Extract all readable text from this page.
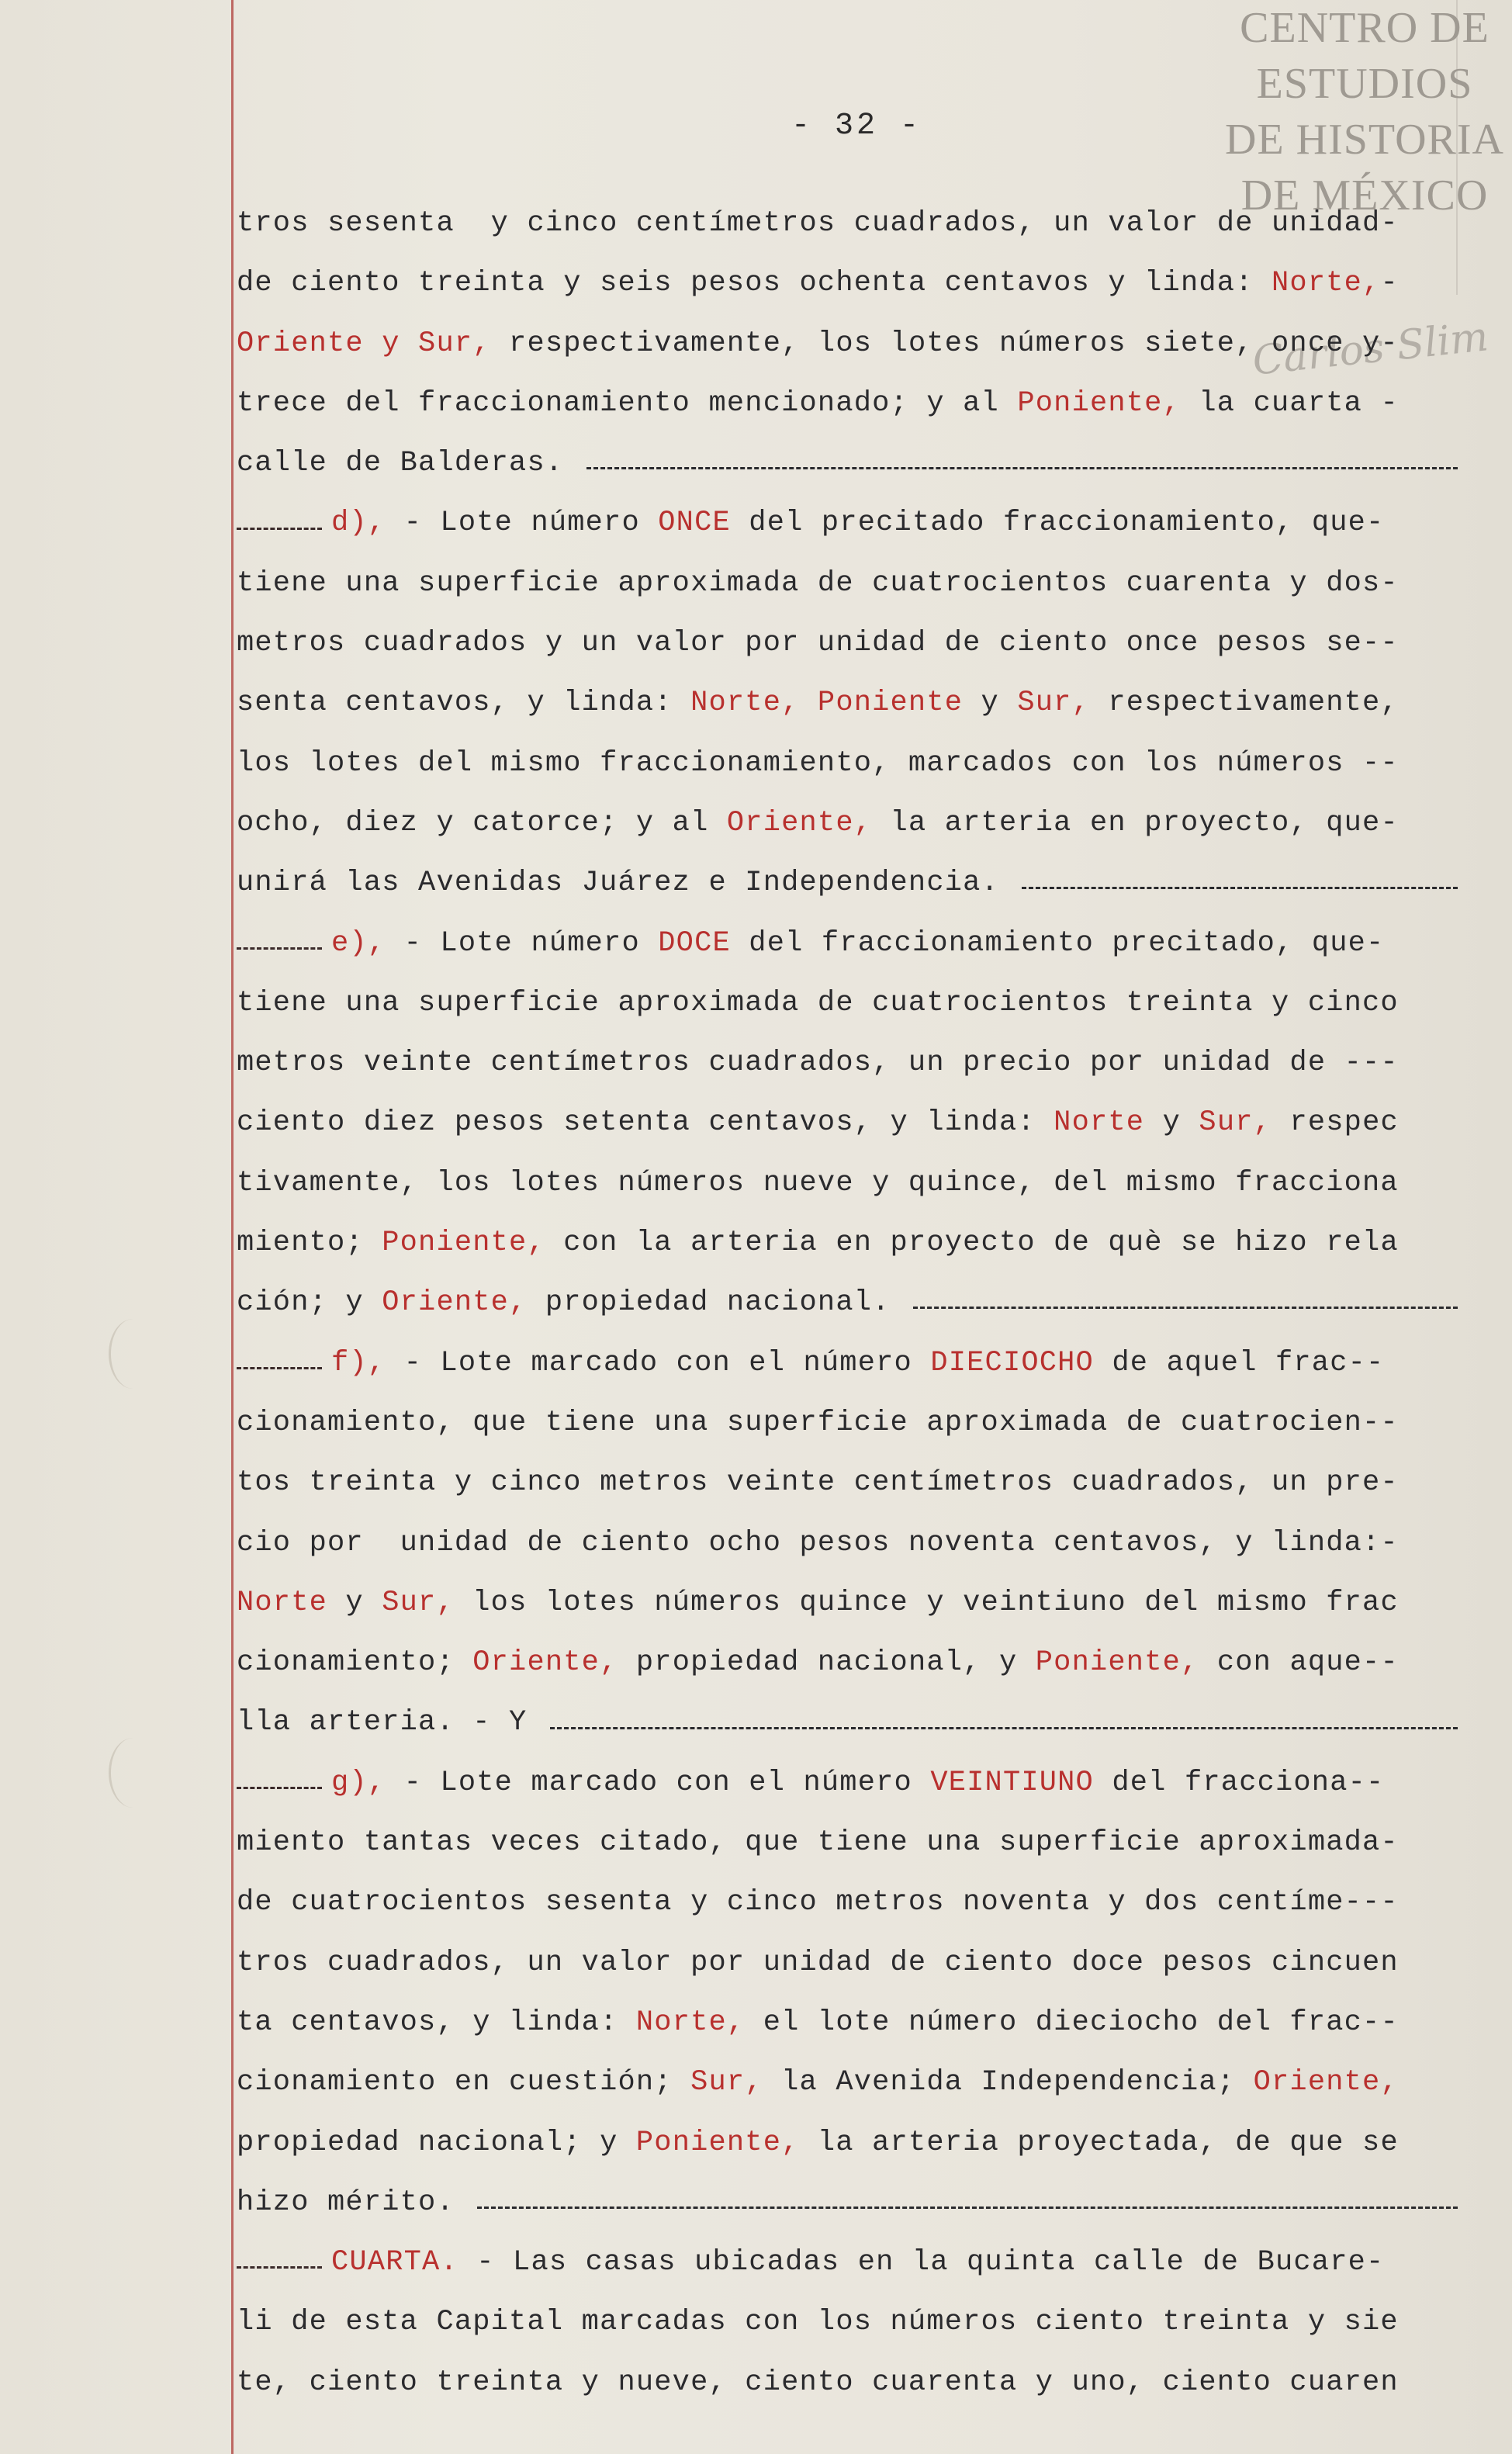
CENTRO DE
ESTUDIOS
DE HISTORIA
DE MÉXICO
Carlos Slim
- 32 -
tros sesenta  y cinco centímetros cuadrados, un valor de unidad-
de ciento treinta y seis pesos ochenta centavos y linda: Norte, -
Oriente y Sur, respectivamente, los lotes números siete, once y-
trece del fraccionamiento mencionado; y al Poniente, la cuarta -
calle de Balderas.
d), - Lote número ONCE del precitado fraccionamiento, que-
tiene una superficie aproximada de cuatrocientos cuarenta y dos-
metros cuadrados y un valor por unidad de ciento once pesos se--
senta centavos, y linda: Norte, Poniente y Sur, respectivamente,
los lotes del mismo fraccionamiento, marcados con los números --
ocho, diez y catorce; y al Oriente, la arteria en proyecto, que-
unirá las Avenidas Juárez e Independencia.
e), - Lote número DOCE del fraccionamiento precitado, que-
tiene una superficie aproximada de cuatrocientos treinta y cinco
metros veinte centímetros cuadrados, un precio por unidad de ---
ciento diez pesos setenta centavos, y linda: Norte y Sur, respec
tivamente, los lotes números nueve y quince, del mismo fracciona
miento; Poniente, con la arteria en proyecto de què se hizo rela
ción; y Oriente, propiedad nacional.
f), - Lote marcado con el número DIECIOCHO de aquel frac--
cionamiento, que tiene una superficie aproximada de cuatrocien--
tos treinta y cinco metros veinte centímetros cuadrados, un pre-
cio por  unidad de ciento ocho pesos noventa centavos, y linda:-
Norte y Sur, los lotes números quince y veintiuno del mismo frac
cionamiento; Oriente, propiedad nacional, y Poniente, con aque--
lla arteria. - Y
g), - Lote marcado con el número VEINTIUNO del fracciona--
miento tantas veces citado, que tiene una superficie aproximada-
de cuatrocientos sesenta y cinco metros noventa y dos centíme---
tros cuadrados, un valor por unidad de ciento doce pesos cincuen
ta centavos, y linda: Norte, el lote número dieciocho del frac--
cionamiento en cuestión; Sur, la Avenida Independencia; Oriente,
propiedad nacional; y Poniente, la arteria proyectada, de que se
hizo mérito.
CUARTA. - Las casas ubicadas en la quinta calle de Bucare-
li de esta Capital marcadas con los números ciento treinta y sie
te, ciento treinta y nueve, ciento cuarenta y uno, ciento cuaren
